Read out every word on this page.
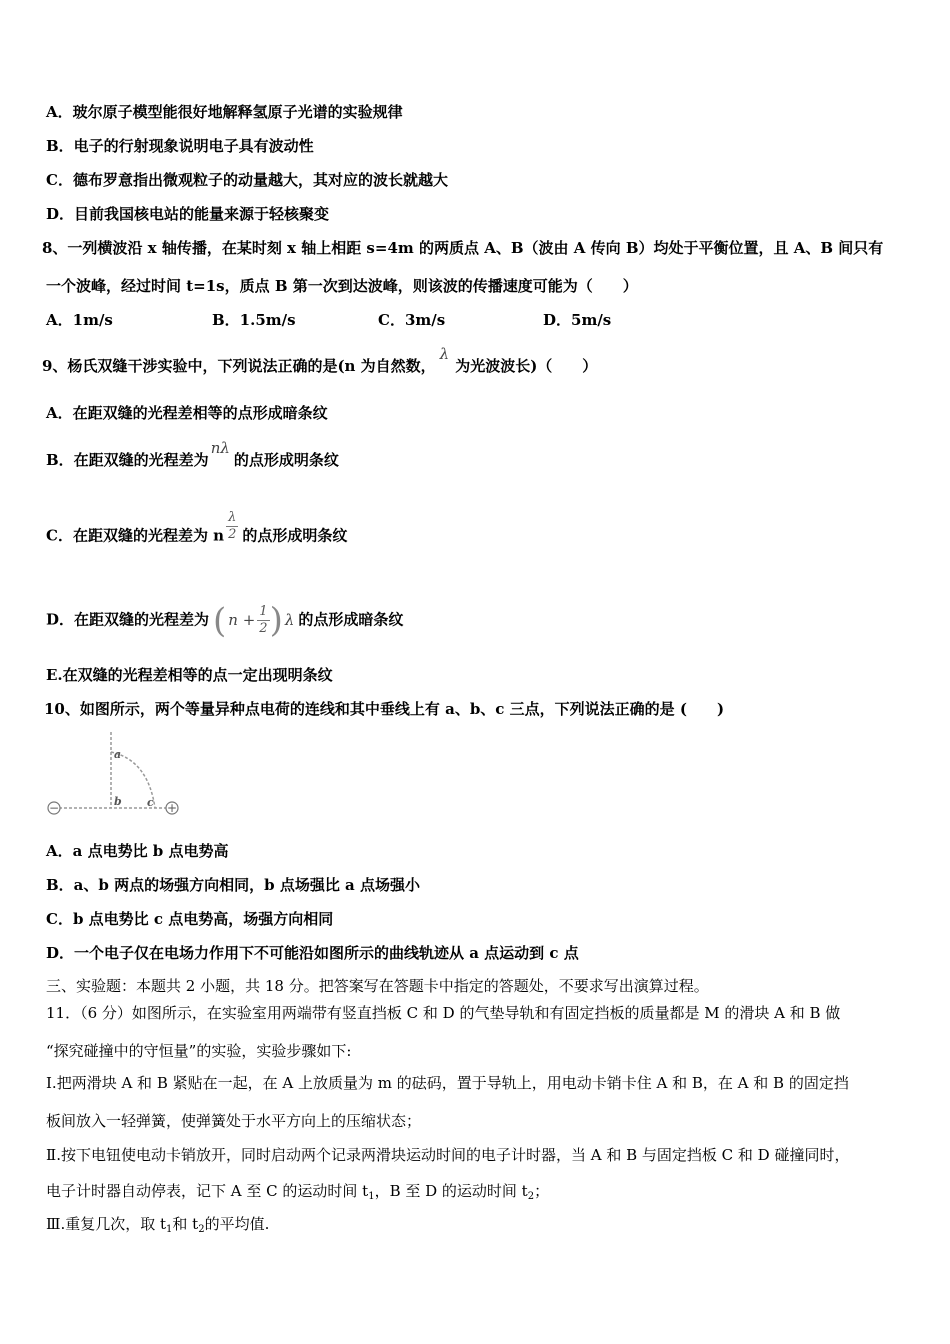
A．玻尔原子模型能很好地解释氢原子光谱的实验规律
B．电子的行射现象说明电子具有波动性
C．德布罗意指出微观粒子的动量越大，其对应的波长就越大
D．目前我国核电站的能量来源于轻核聚变
8、一列横波沿 x 轴传播，在某时刻 x 轴上相距 s=4m 的两质点 A、B（波由 A 传向 B）均处于平衡位置，且 A、B 间只有
一个波峰，经过时间 t=1s，质点 B 第一次到达波峰，则该波的传播速度可能为（　　）
A．1m/s	B．1.5m/s	C．3m/s	D．5m/s
9、杨氏双缝干涉实验中，下列说法正确的是(n 为自然数，λ为光波波长)（　　）
A．在距双缝的光程差相等的点形成暗条纹
B．在距双缝的光程差为nλ的点形成明条纹
C．在距双缝的光程差为 n $\frac{\lambda}{2}$ 的点形成明条纹
D．在距双缝的光程差为 ( $n + \frac{1}{2}$ ) λ 的点形成暗条纹
E.在双缝的光程差相等的点一定出现明条纹
10、如图所示，两个等量异种点电荷的连线和其中垂线上有 a、b、c 三点，下列说法正确的是 (　　)
−	+
a
b c
A．a 点电势比 b 点电势高
B．a、b 两点的场强方向相同，b 点场强比 a 点场强小
C．b 点电势比 c 点电势高，场强方向相同
D．一个电子仅在电场力作用下不可能沿如图所示的曲线轨迹从 a 点运动到 c 点
三、实验题：本题共 2 小题，共 18 分。把答案写在答题卡中指定的答题处，不要求写出演算过程。
11．（6 分）如图所示，在实验室用两端带有竖直挡板 C 和 D 的气垫导轨和有固定挡板的质量都是 M 的滑块 A 和 B 做
“探究碰撞中的守恒量”的实验，实验步骤如下:
Ⅰ.把两滑块 A 和 B 紧贴在一起，在 A 上放质量为 m 的砝码，置于导轨上，用电动卡销卡住 A 和 B，在 A 和 B 的固定挡
板间放入一轻弹簧，使弹簧处于水平方向上的压缩状态；
Ⅱ.按下电钮使电动卡销放开，同时启动两个记录两滑块运动时间的电子计时器，当 A 和 B 与固定挡板 C 和 D 碰撞同时，
电子计时器自动停表，记下 A 至 C 的运动时间 $t_1$，B 至 D 的运动时间 $t_2$；
Ⅲ.重复几次，取 $t_1$和 $t_2$的平均值.
